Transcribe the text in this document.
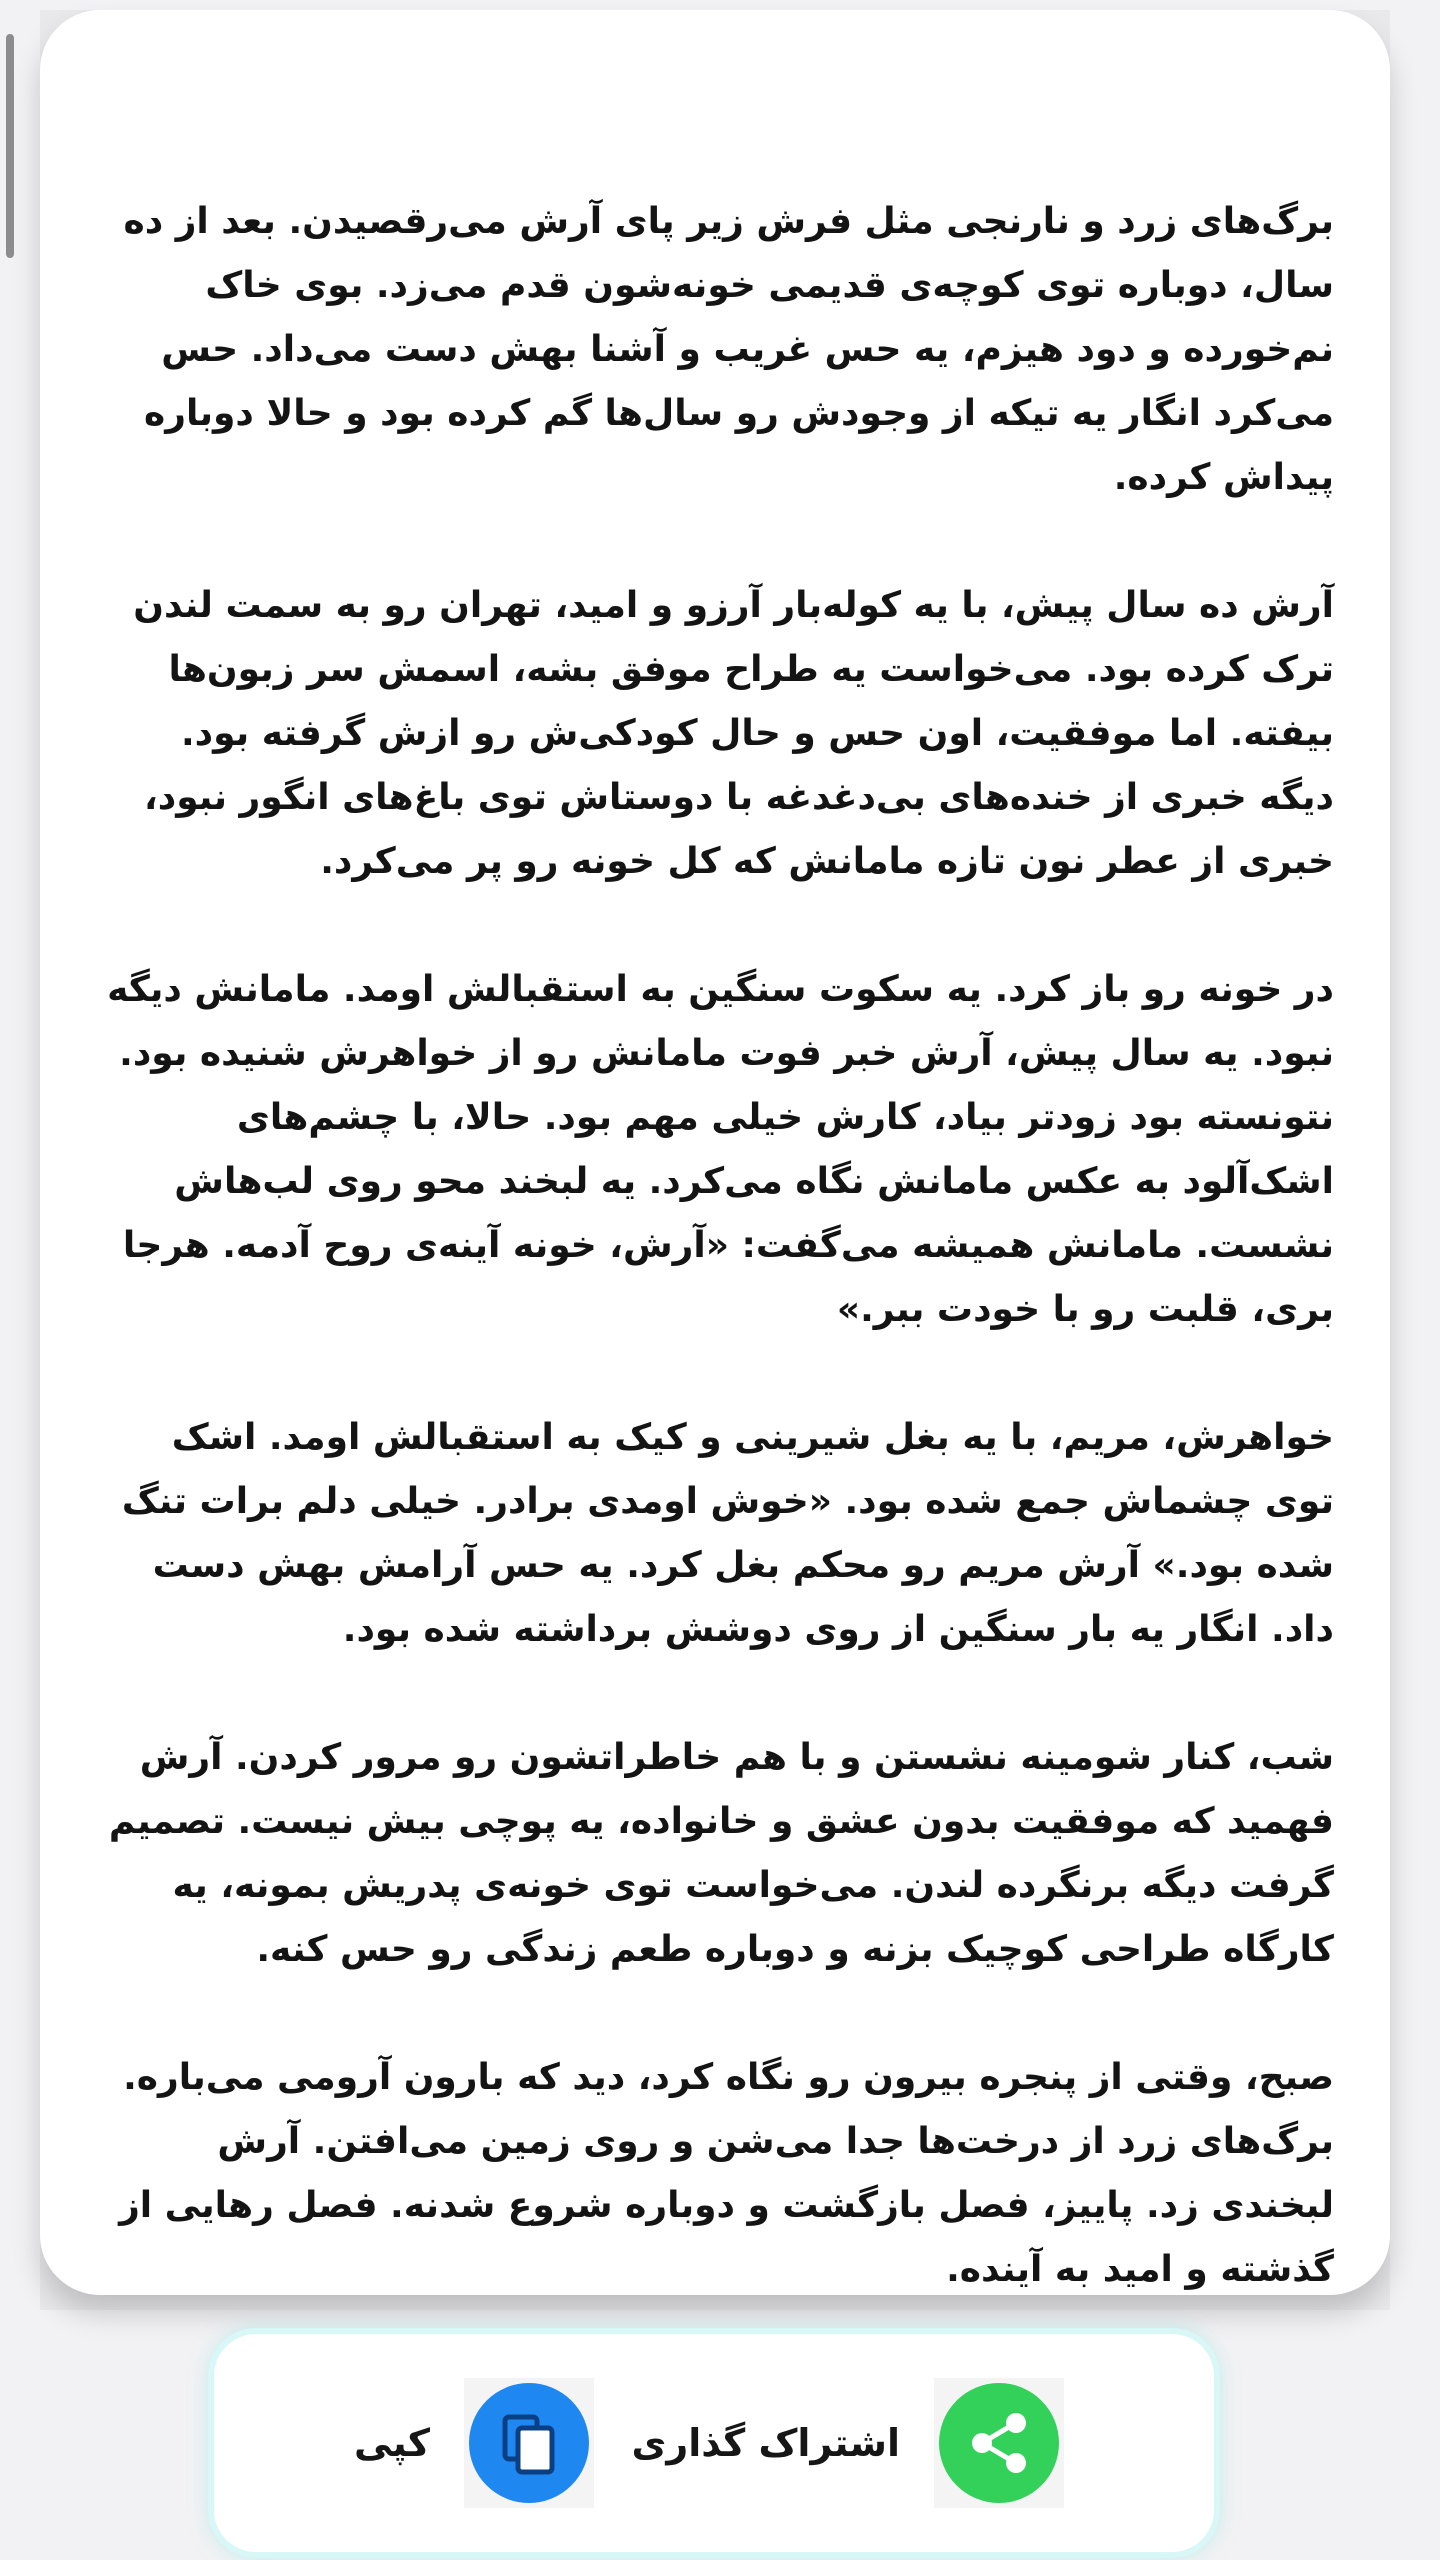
برگ‌های زرد و نارنجی مثل فرش زیر پای آرش می‌رقصیدن. بعد از ده سال، دوباره توی کوچه‌ی قدیمی خونه‌شون قدم می‌زد. بوی خاک نم‌خورده و دود هیزم، یه حس غریب و آشنا بهش دست می‌داد. حس می‌کرد انگار یه تیکه از وجودش رو سال‌ها گم کرده بود و حالا دوباره پیداش کرده.

آرش ده سال پیش، با یه کوله‌بار آرزو و امید، تهران رو به سمت لندن ترک کرده بود. می‌خواست یه طراح موفق بشه، اسمش سر زبون‌ها بیفته. اما موفقیت، اون حس و حال کودکی‌ش رو ازش گرفته بود. دیگه خبری از خنده‌های بی‌دغدغه با دوستاش توی باغ‌های انگور نبود، خبری از عطر نون تازه مامانش که کل خونه رو پر می‌کرد.

در خونه رو باز کرد. یه سکوت سنگین به استقبالش اومد. مامانش دیگه نبود. یه سال پیش، آرش خبر فوت مامانش رو از خواهرش شنیده بود. نتونسته بود زودتر بیاد، کارش خیلی مهم بود. حالا، با چشم‌های اشک‌آلود به عکس مامانش نگاه می‌کرد. یه لبخند محو روی لب‌هاش نشست. مامانش همیشه می‌گفت: «آرش، خونه آینه‌ی روح آدمه. هرجا بری، قلبت رو با خودت ببر.»

خواهرش، مریم، با یه بغل شیرینی و کیک به استقبالش اومد. اشک توی چشماش جمع شده بود. «خوش اومدی برادر. خیلی دلم برات تنگ شده بود.» آرش مریم رو محکم بغل کرد. یه حس آرامش بهش دست داد. انگار یه بار سنگین از روی دوشش برداشته شده بود.

شب، کنار شومینه نشستن و با هم خاطراتشون رو مرور کردن. آرش فهمید که موفقیت بدون عشق و خانواده، یه پوچی بیش نیست. تصمیم گرفت دیگه برنگرده لندن. می‌خواست توی خونه‌ی پدریش بمونه، یه کارگاه طراحی کوچیک بزنه و دوباره طعم زندگی رو حس کنه.

صبح، وقتی از پنجره بیرون رو نگاه کرد، دید که بارون آرومی می‌باره. برگ‌های زرد از درخت‌ها جدا می‌شن و روی زمین می‌افتن. آرش لبخندی زد. پاییز، فصل بازگشت و دوباره شروع شدنه. فصل رهایی از گذشته و امید به آینده.

اشتراک گذاری
کپی
